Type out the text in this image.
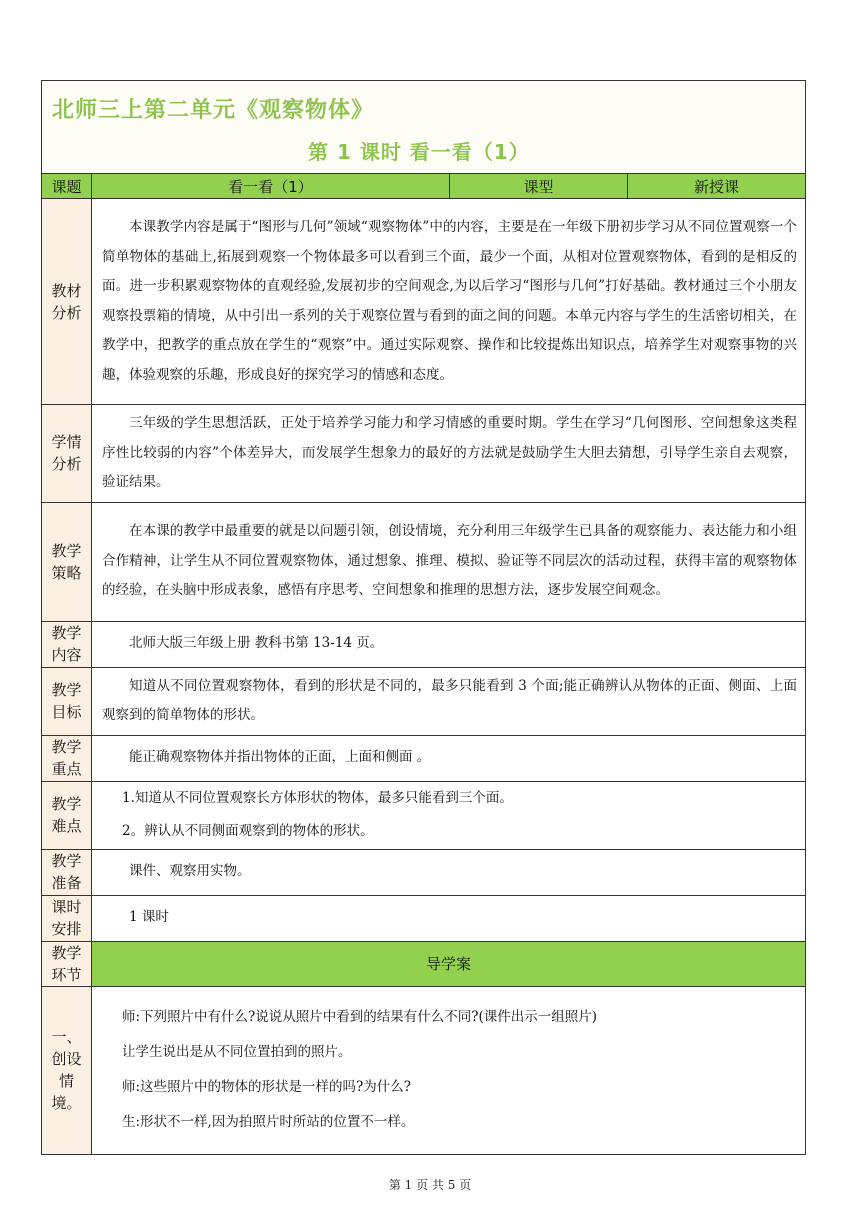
北师三上第二单元《观察物体》
第 1 课时 看一看（1）			

课题	看一看（1）	课型	新授课

教材分析	本课教学内容是属于“图形与几何”领域“观察物体”中的内容，主要是在一年级下册初步学习从不同位置观察一个简单物体的基础上,拓展到观察一个物体最多可以看到三个面，最少一个面，从相对位置观察物体，看到的是相反的面。进一步积累观察物体的直观经验,发展初步的空间观念,为以后学习“图形与几何”打好基础。教材通过三个小朋友观察投票箱的情境，从中引出一系列的关于观察位置与看到的面之间的问题。本单元内容与学生的生活密切相关，在教学中，把教学的重点放在学生的“观察”中。通过实际观察、操作和比较提炼出知识点，培养学生对观察事物的兴趣，体验观察的乐趣，形成良好的探究学习的情感和态度。		

学情分析	三年级的学生思想活跃，正处于培养学习能力和学习情感的重要时期。学生在学习“几何图形、空间想象这类程序性比较弱的内容”个体差异大，而发展学生想象力的最好的方法就是鼓励学生大胆去猜想，引导学生亲自去观察，验证结果。		

教学策略	在本课的教学中最重要的就是以问题引领，创设情境，充分利用三年级学生已具备的观察能力、表达能力和小组合作精神，让学生从不同位置观察物体，通过想象、推理、模拟、验证等不同层次的活动过程，获得丰富的观察物体的经验，在头脑中形成表象，感悟有序思考、空间想象和推理的思想方法，逐步发展空间观念。		

教学内容	北师大版三年级上册 教科书第 13-14 页。		

教学目标	知道从不同位置观察物体，看到的形状是不同的，最多只能看到 3 个面;能正确辨认从物体的正面、侧面、上面观察到的简单物体的形状。		

教学重点	能正确观察物体并指出物体的正面，上面和侧面 。		

教学难点	1.知道从不同位置观察长方体形状的物体，最多只能看到三个面。

2。辨认从不同侧面观察到的物体的形状。		

教学准备	课件、观察用实物。		

课时安排	1 课时		

教学环节	导学案		

一、创设情境。	师:下列照片中有什么?说说从照片中看到的结果有什么不同?(课件出示一组照片)

让学生说出是从不同位置拍到的照片。

师:这些照片中的物体的形状是一样的吗?为什么?

生:形状不一样,因为拍照片时所站的位置不一样。		

第 1 页 共 5 页
